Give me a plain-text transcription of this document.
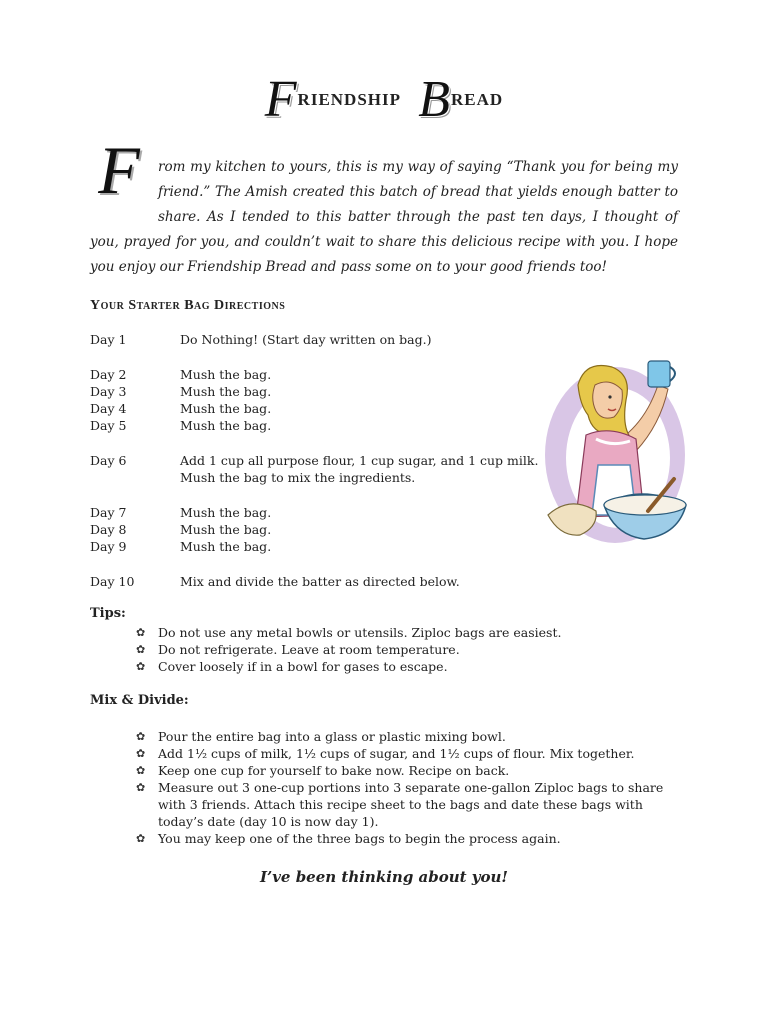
FRIENDSHIP BREAD
F	rom my kitchen to yours, this is my way of saying “Thank you for being my friend.” The Amish created this batch of bread that yields enough batter to share. As I tended to this batter through the past ten days, I thought of you, prayed for you, and couldn’t wait to share this delicious recipe with you. I hope you enjoy our Friendship Bread and pass some on to your good friends too!
Your Starter Bag Directions
Day 1	Do Nothing! (Start day written on bag.)
Day 2	Mush the bag.
Day 3	Mush the bag.
Day 4	Mush the bag.
Day 5	Mush the bag.
Day 6	Add 1 cup all purpose flour, 1 cup sugar, and 1 cup milk.
Mush the bag to mix the ingredients.
Day 7	Mush the bag.
Day 8	Mush the bag.
Day 9	Mush the bag.
Day 10	Mix and divide the batter as directed below.
Tips:
✿	Do not use any metal bowls or utensils. Ziploc bags are easiest.
✿	Do not refrigerate. Leave at room temperature.
✿	Cover loosely if in a bowl for gases to escape.
Mix & Divide:
✿	Pour the entire bag into a glass or plastic mixing bowl.
✿	Add 1½ cups of milk, 1½ cups of sugar, and 1½ cups of flour. Mix together.
✿	Keep one cup for yourself to bake now. Recipe on back.
✿	Measure out 3 one-cup portions into 3 separate one-gallon Ziploc bags to share with 3 friends. Attach this recipe sheet to the bags and date these bags with today’s date (day 10 is now day 1).
✿	You may keep one of the three bags to begin the process again.
I’ve been thinking about you!
